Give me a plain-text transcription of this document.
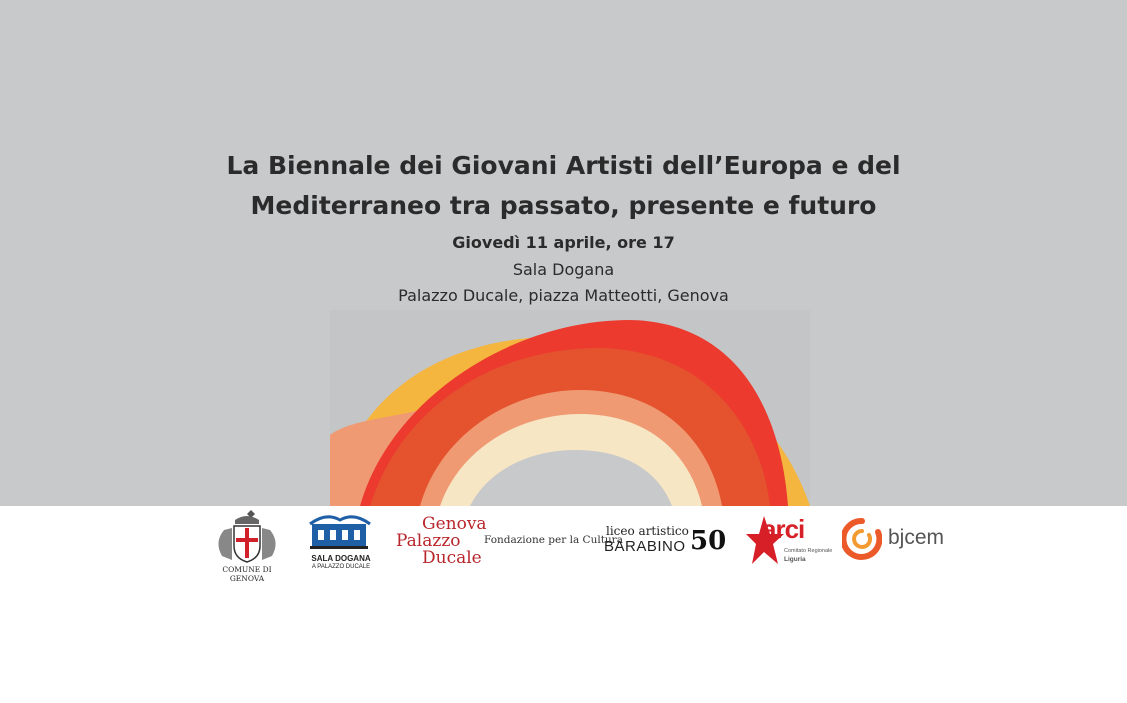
La Biennale dei Giovani Artisti dell’Europa e del
Mediterraneo tra passato, presente e futuro
Giovedì 11 aprile, ore 17
Sala Dogana
Palazzo Ducale, piazza Matteotti, Genova
COMUNE DI GENOVA
SALA DOGANA
A PALAZZO DUCALE
Genova
Palazzo
Ducale
Fondazione per la Cultura
liceo artistico
BARABINO 50 arci
Comitato Regionale
Liguria
bjcem
